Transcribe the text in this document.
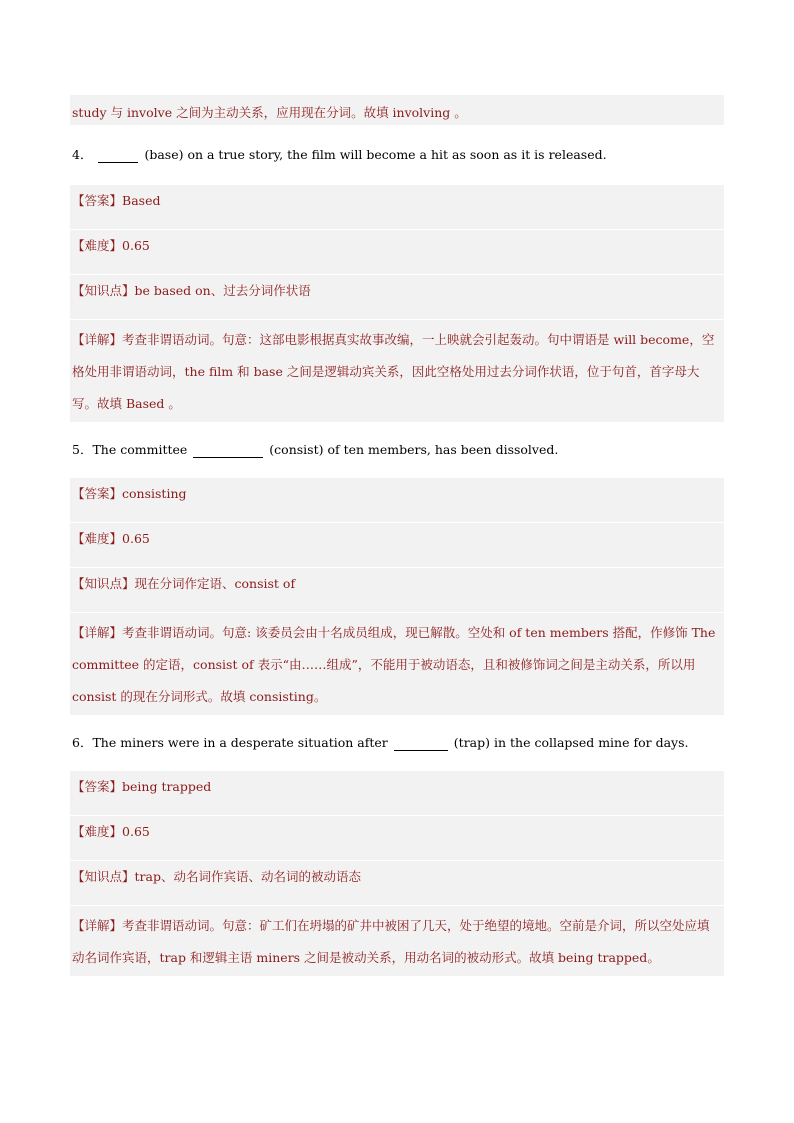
study 与 involve 之间为主动关系，应用现在分词。故填 involving 。
4．	(base) on a true story, the film will become a hit as soon as it is released.
【答案】Based
【难度】0.65
【知识点】be based on、过去分词作状语
【详解】考查非谓语动词。句意：这部电影根据真实故事改编，一上映就会引起轰动。句中谓语是 will become，空格处用非谓语动词，the film 和 base 之间是逻辑动宾关系，因此空格处用过去分词作状语，位于句首，首字母大写。故填 Based 。
5． The committee	(consist) of ten members, has been dissolved.
【答案】consisting
【难度】0.65
【知识点】现在分词作定语、consist of
【详解】考查非谓语动词。句意: 该委员会由十名成员组成，现已解散。空处和 of ten members 搭配，作修饰 The committee 的定语，consist of 表示“由……组成”，不能用于被动语态，且和被修饰词之间是主动关系，所以用 consist 的现在分词形式。故填 consisting。
6． The miners were in a desperate situation after	(trap) in the collapsed mine for days.
【答案】being trapped
【难度】0.65
【知识点】trap、动名词作宾语、动名词的被动语态
【详解】考查非谓语动词。句意：矿工们在坍塌的矿井中被困了几天，处于绝望的境地。空前是介词，所以空处应填动名词作宾语，trap 和逻辑主语 miners 之间是被动关系，用动名词的被动形式。故填 being trapped。
